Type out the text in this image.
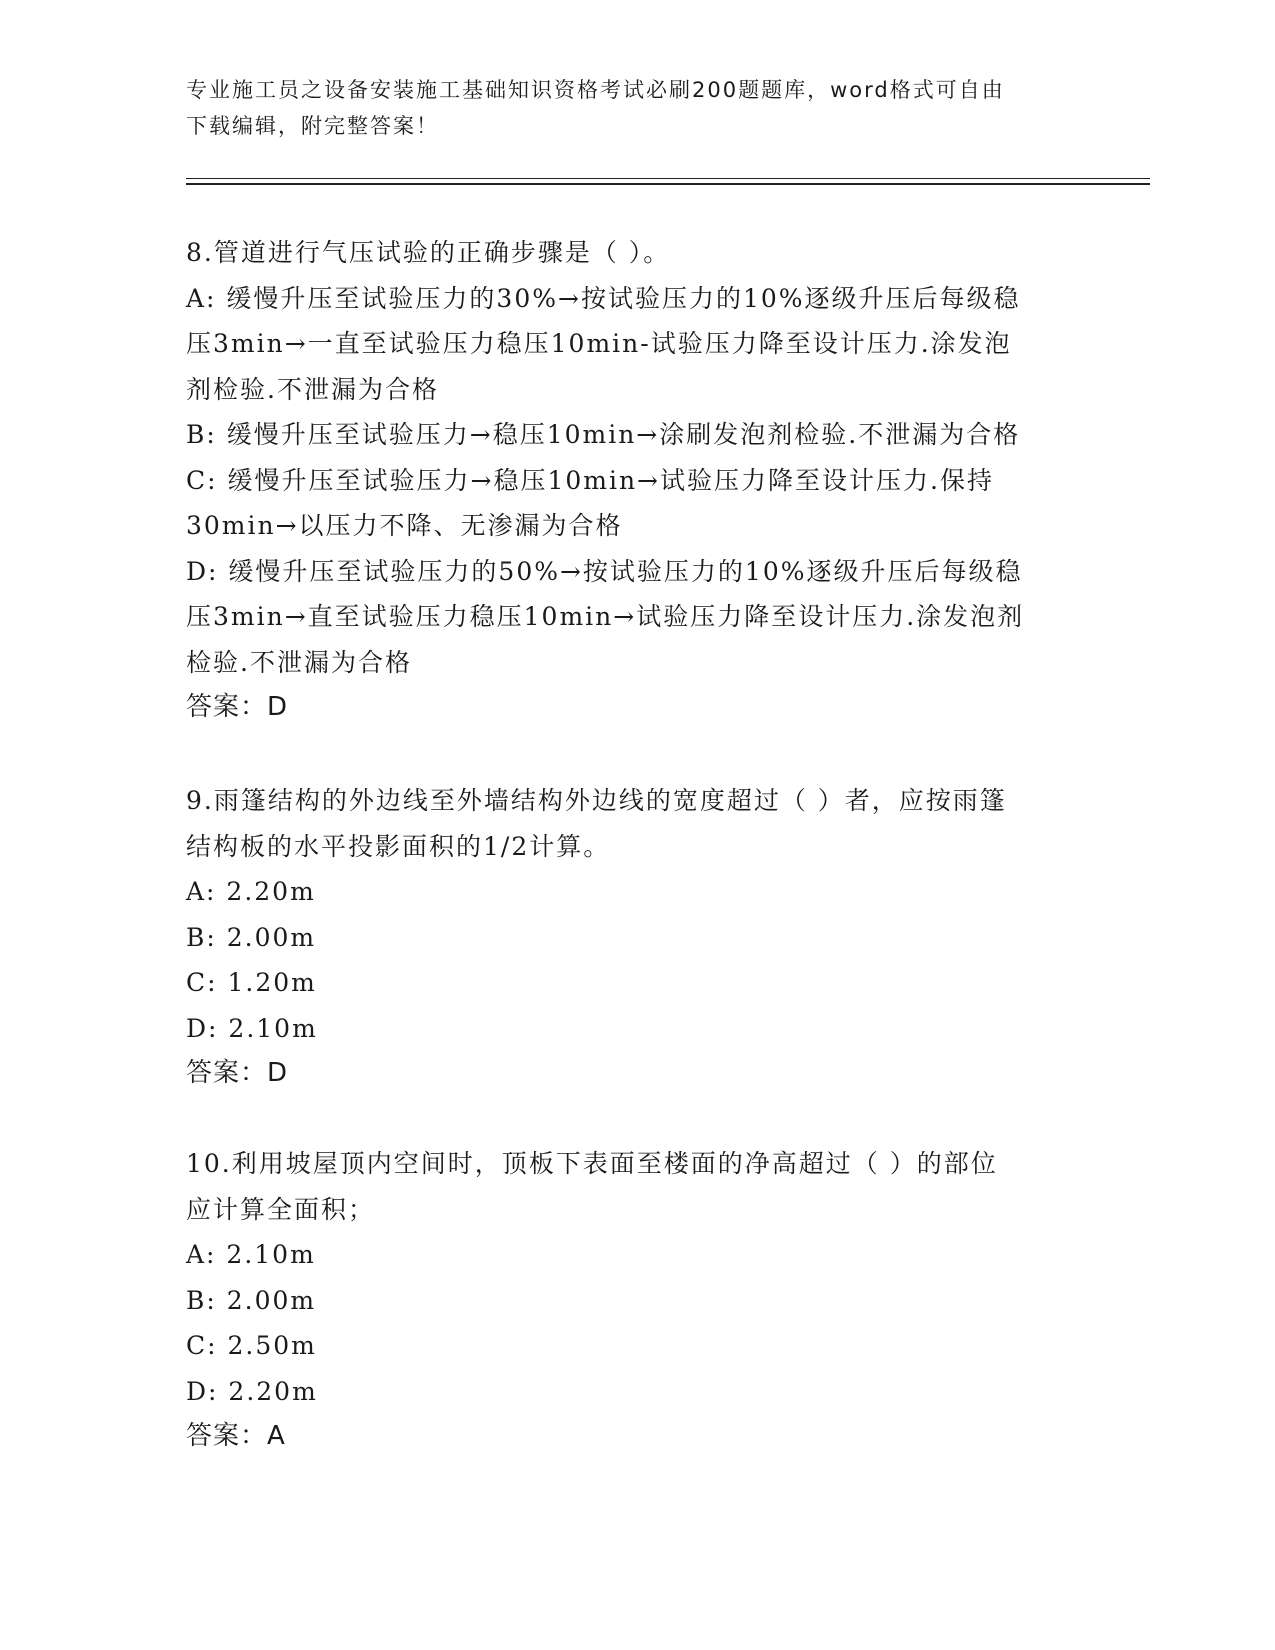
专业施工员之设备安装施工基础知识资格考试必刷200题题库，word格式可自由
下载编辑，附完整答案！
8.管道进行气压试验的正确步骤是（ ）。
A: 缓慢升压至试验压力的30%→按试验压力的10%逐级升压后每级稳
压3min→一直至试验压力稳压10min-试验压力降至设计压力.涂发泡
剂检验.不泄漏为合格
B: 缓慢升压至试验压力→稳压10min→涂刷发泡剂检验.不泄漏为合格
C: 缓慢升压至试验压力→稳压10min→试验压力降至设计压力.保持
30min→以压力不降、无渗漏为合格
D: 缓慢升压至试验压力的50%→按试验压力的10%逐级升压后每级稳
压3min→直至试验压力稳压10min→试验压力降至设计压力.涂发泡剂
检验.不泄漏为合格
答案：D
9.雨篷结构的外边线至外墙结构外边线的宽度超过（ ）者，应按雨篷
结构板的水平投影面积的1/2计算。
A: 2.20m
B: 2.00m
C: 1.20m
D: 2.10m
答案：D
10.利用坡屋顶内空间时，顶板下表面至楼面的净高超过（ ）的部位
应计算全面积；
A: 2.10m
B: 2.00m
C: 2.50m
D: 2.20m
答案：A
